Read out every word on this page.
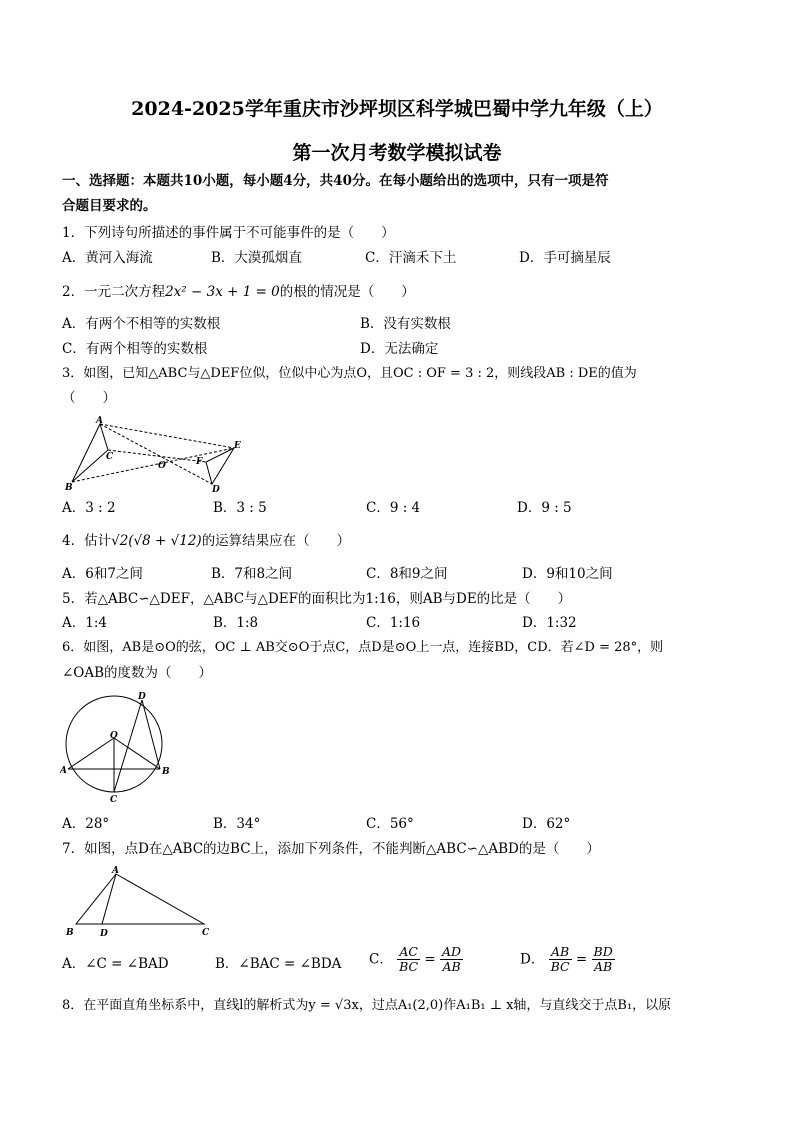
2024-2025学年重庆市沙坪坝区科学城巴蜀中学九年级（上）
第一次月考数学模拟试卷
一、选择题：本题共10小题，每小题4分，共40分。在每小题给出的选项中，只有一项是符
合题目要求的。
1．下列诗句所描述的事件属于不可能事件的是（　　）
A．黄河入海流	B．大漠孤烟直	C．汗滴禾下土	D．手可摘星辰
2．一元二次方程2x² − 3x + 1 = 0的根的情况是（　　）
A．有两个不相等的实数根	B．没有实数根
C．有两个相等的实数根	D．无法确定
3．如图，已知△ABC与△DEF位似，位似中心为点O，且OC : OF = 3 : 2，则线段AB : DE的值为
（　　）
A
C
B
O	F
E
D
A．3 : 2	B．3 : 5	C．9 : 4	D．9 : 5
4．估计√2(√8 + √12)的运算结果应在（　　）
A．6和7之间	B．7和8之间	C．8和9之间	D．9和10之间
5．若△ABC∽△DEF，△ABC与△DEF的面积比为1:16，则AB与DE的比是（　　）
A．1:4	B．1:8	C．1:16	D．1:32
6．如图，AB是⊙O的弦，OC ⊥ AB交⊙O于点C，点D是⊙O上一点，连接BD，CD．若∠D = 28°，则
∠OAB的度数为（　　）
D
O
A	B
C
A．28°	B．34°	C．56°	D．62°
7．如图，点D在△ABC的边BC上，添加下列条件，不能判断△ABC∽△ABD的是（　　）
A
B	D	C
A．∠C = ∠BAD	B．∠BAC = ∠BDA C． $\frac{AC}{BC} = \frac{AD}{AB}$	D． $\frac{AB}{BC} = \frac{BD}{AB}$
8．在平面直角坐标系中，直线l的解析式为y = √3x，过点A₁(2,0)作A₁B₁ ⊥ x轴，与直线交于点B₁，以原
